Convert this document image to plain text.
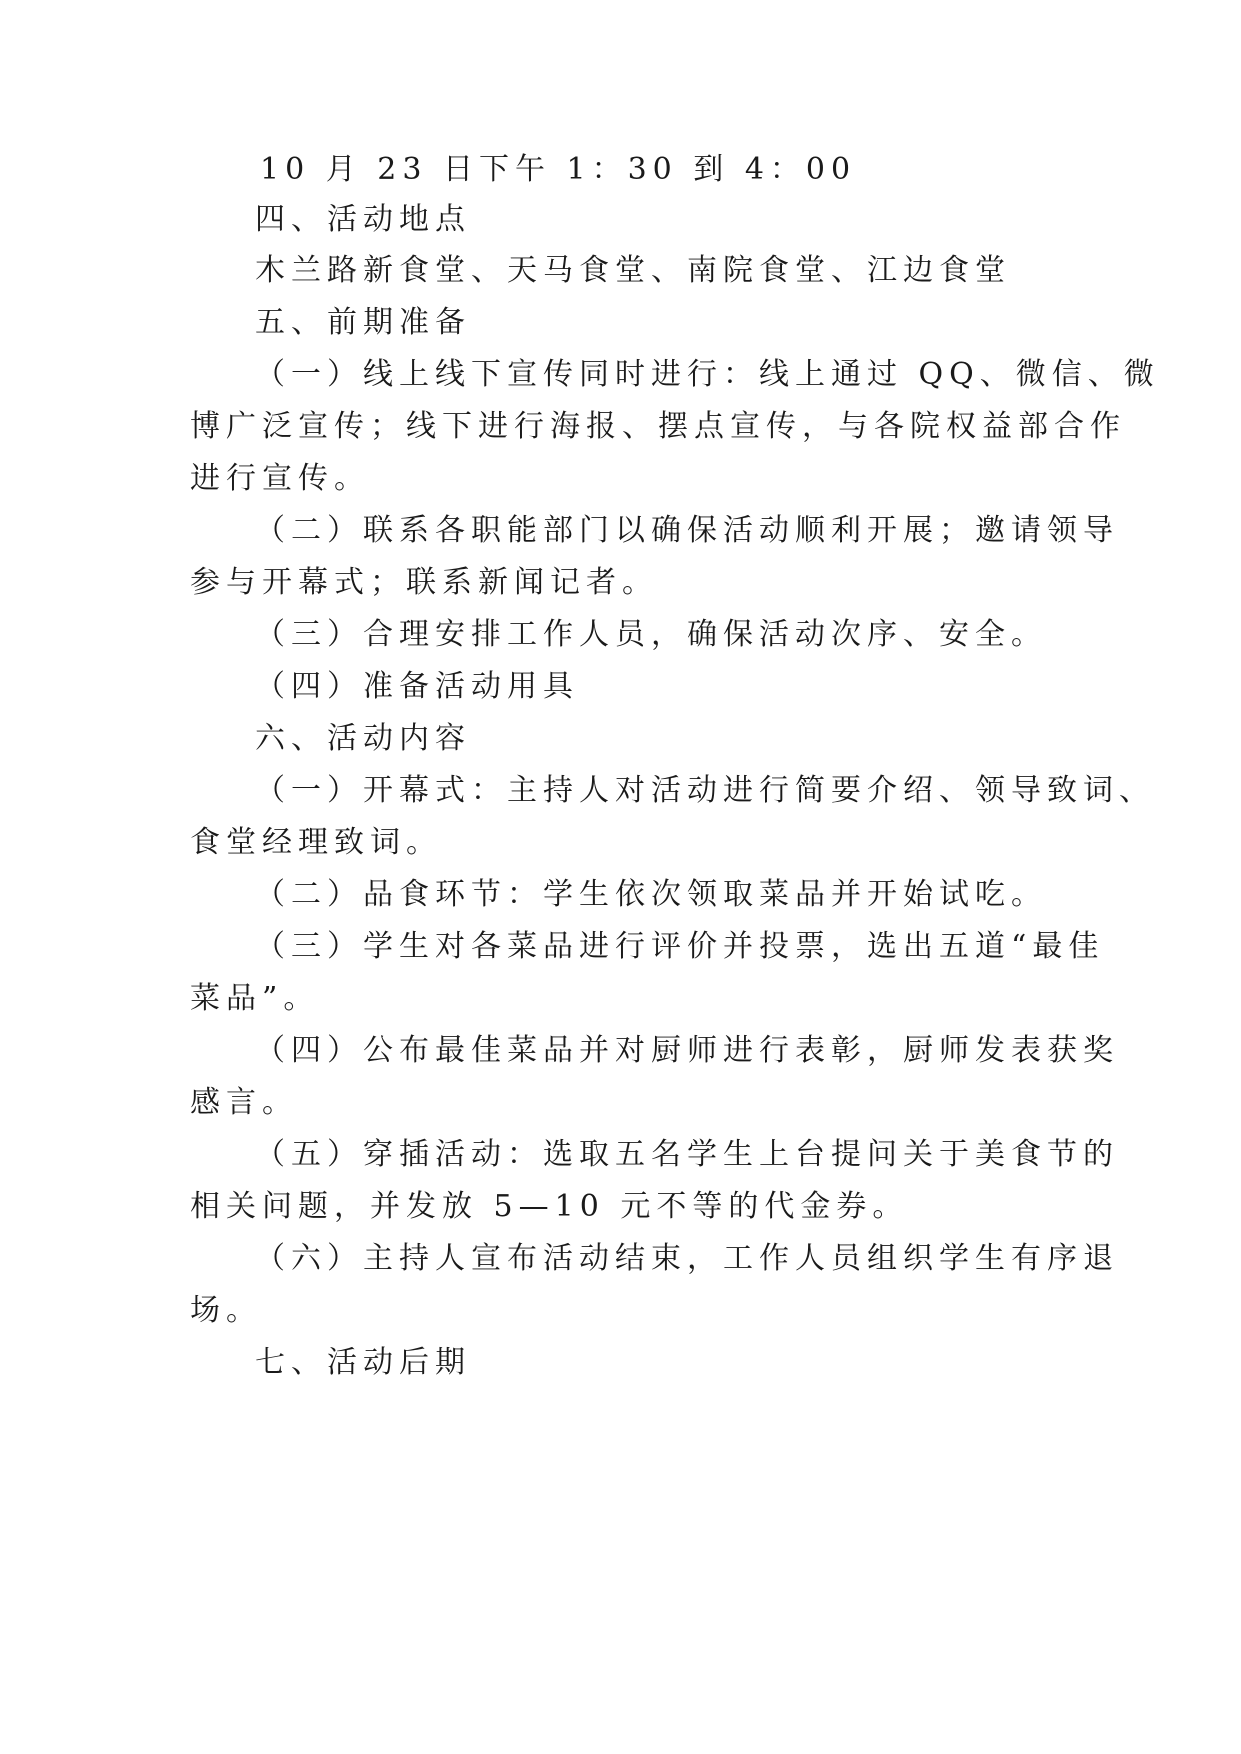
10 月 23 日下午 1：30 到 4：00
四、活动地点
木兰路新食堂、天马食堂、南院食堂、江边食堂
五、前期准备
（一）线上线下宣传同时进行：线上通过 QQ、微信、微
博广泛宣传；线下进行海报、摆点宣传，与各院权益部合作
进行宣传。
（二）联系各职能部门以确保活动顺利开展；邀请领导
参与开幕式；联系新闻记者。
（三）合理安排工作人员，确保活动次序、安全。
（四）准备活动用具
六、活动内容
（一）开幕式：主持人对活动进行简要介绍、领导致词、
食堂经理致词。
（二）品食环节：学生依次领取菜品并开始试吃。
（三）学生对各菜品进行评价并投票，选出五道“最佳
菜品”。
（四）公布最佳菜品并对厨师进行表彰，厨师发表获奖
感言。
（五）穿插活动：选取五名学生上台提问关于美食节的
相关问题，并发放 5—10 元不等的代金券。
（六）主持人宣布活动结束，工作人员组织学生有序退
场。
七、活动后期
